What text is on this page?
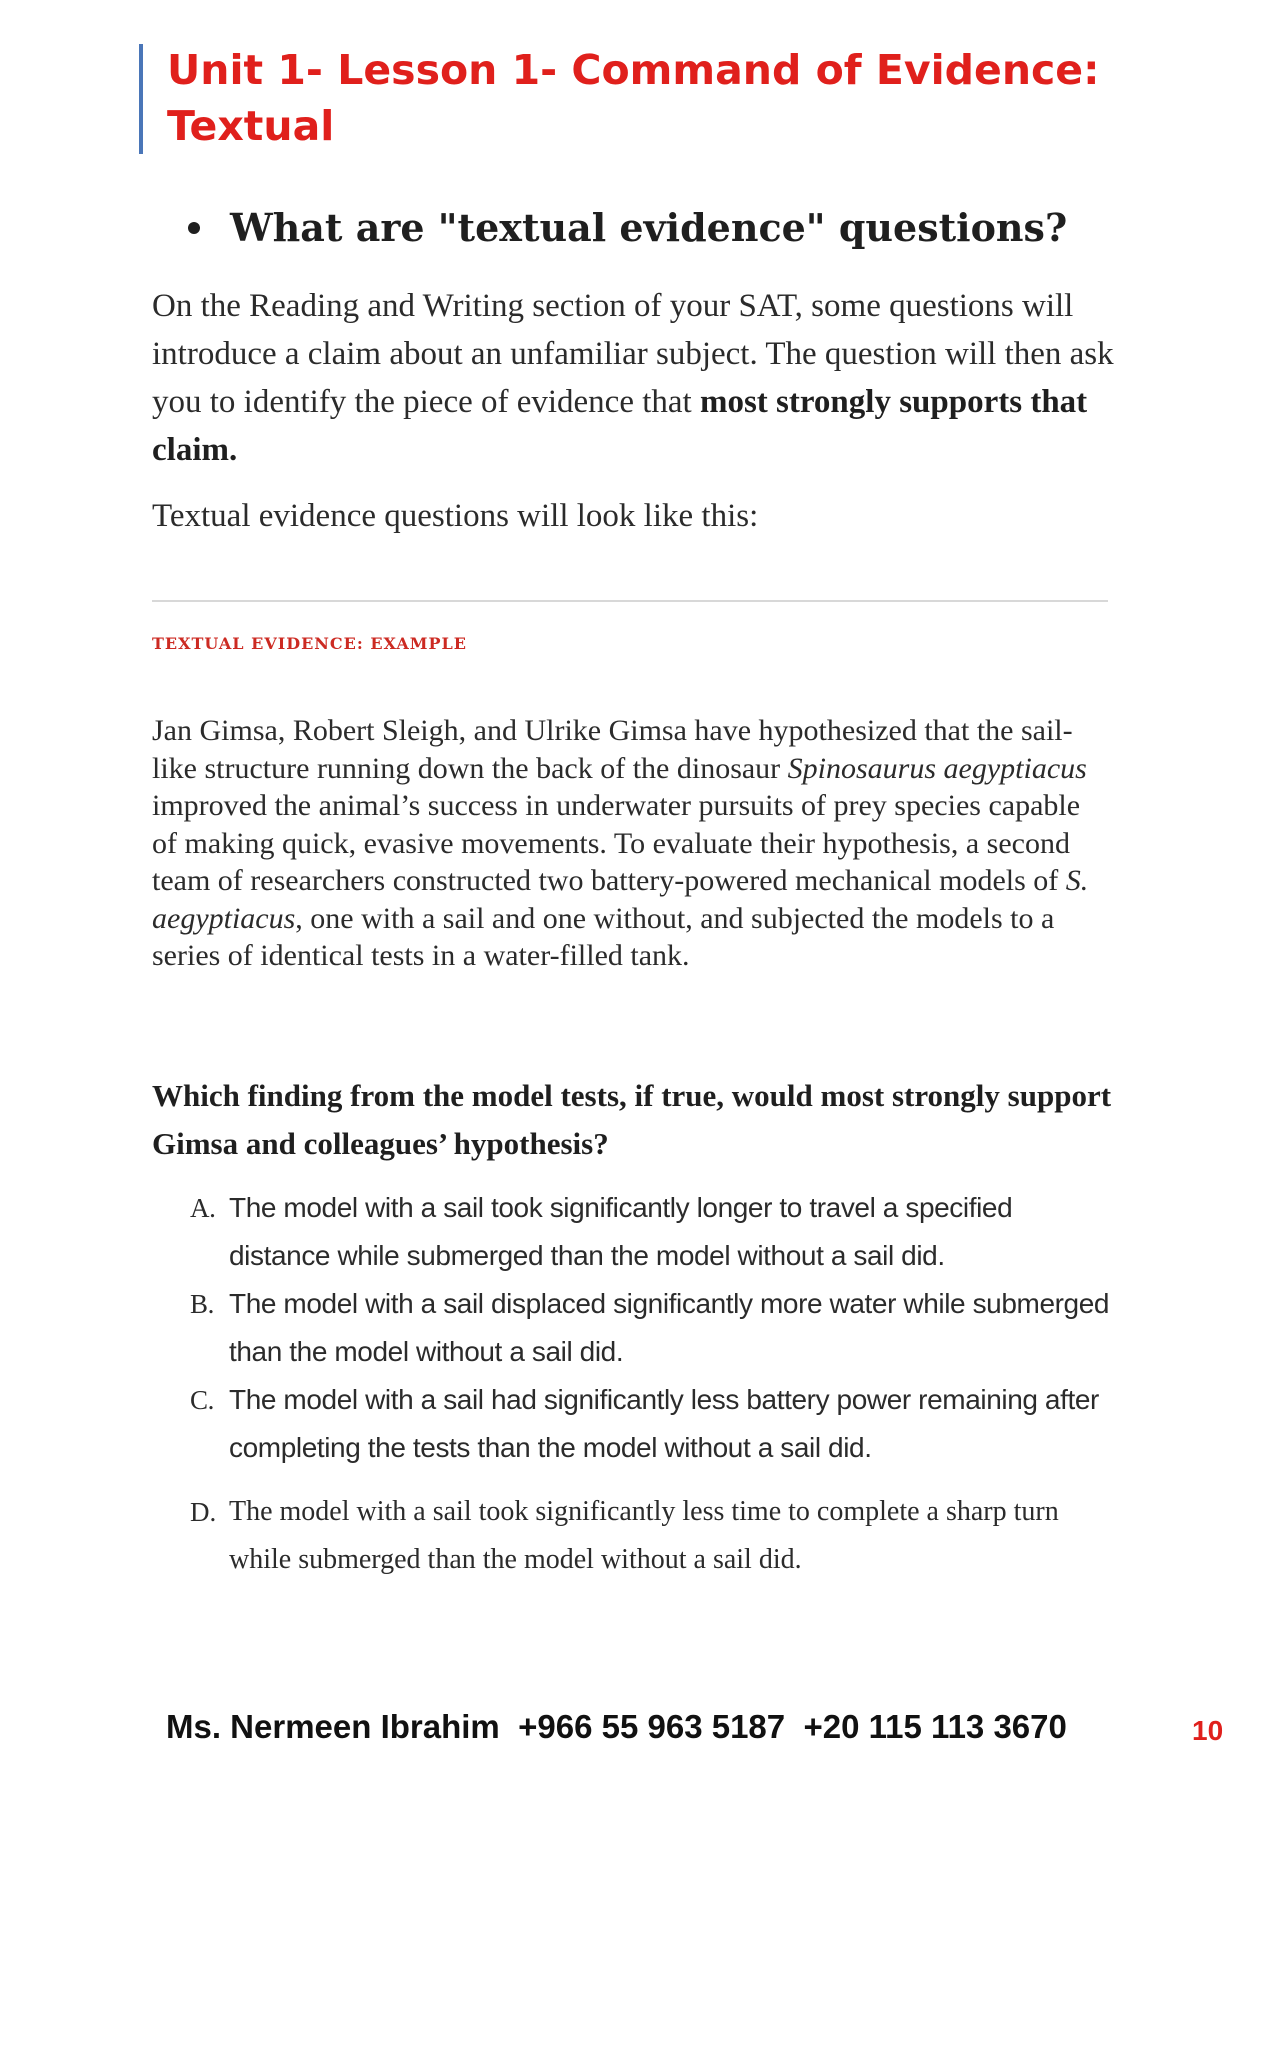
Unit 1- Lesson 1- Command of Evidence:
Textual
What are "textual evidence" questions?

On the Reading and Writing section of your SAT, some questions will introduce a claim about an unfamiliar subject. The question will then ask you to identify the piece of evidence that most strongly supports that claim.

Textual evidence questions will look like this:

TEXTUAL EVIDENCE: EXAMPLE

Jan Gimsa, Robert Sleigh, and Ulrike Gimsa have hypothesized that the sail-like structure running down the back of the dinosaur Spinosaurus aegyptiacus improved the animal’s success in underwater pursuits of prey species capable of making quick, evasive movements. To evaluate their hypothesis, a second team of researchers constructed two battery-powered mechanical models of S. aegyptiacus, one with a sail and one without, and subjected the models to a series of identical tests in a water-filled tank.

Which finding from the model tests, if true, would most strongly support Gimsa and colleagues’ hypothesis?

A. The model with a sail took significantly longer to travel a specified distance while submerged than the model without a sail did.
B. The model with a sail displaced significantly more water while submerged than the model without a sail did.
C. The model with a sail had significantly less battery power remaining after completing the tests than the model without a sail did.
D. The model with a sail took significantly less time to complete a sharp turn while submerged than the model without a sail did.

Ms. Nermeen Ibrahim +966 55 963 5187 +20 115 113 3670	10
